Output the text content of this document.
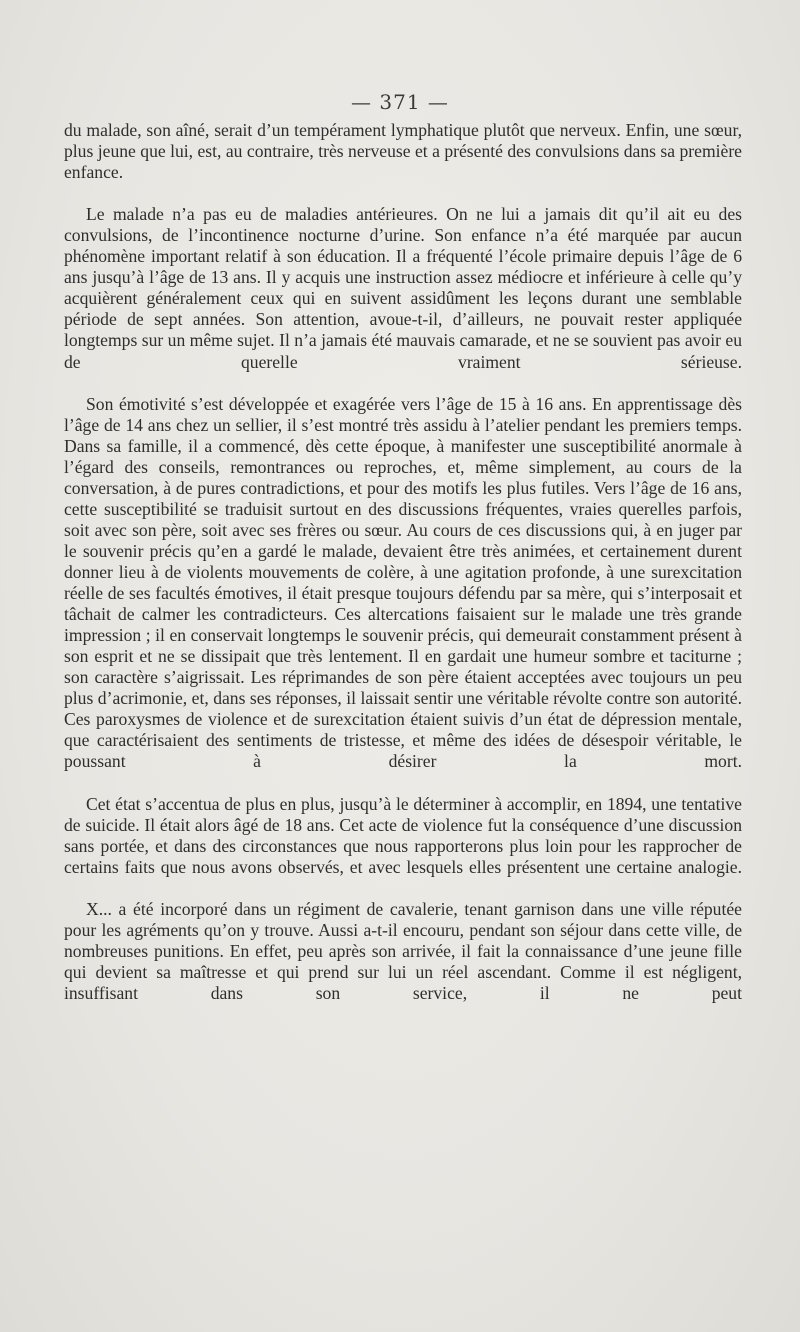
— 371 —

du malade, son aîné, serait d’un tempérament lymphatique plutôt que nerveux. Enfin, une sœur, plus jeune que lui, est, au contraire, très nerveuse et a présenté des convulsions dans sa première enfance.

Le malade n’a pas eu de maladies antérieures. On ne lui a jamais dit qu’il ait eu des convulsions, de l’incontinence nocturne d’urine. Son enfance n’a été marquée par aucun phénomène important relatif à son éducation. Il a fréquenté l’école primaire depuis l’âge de 6 ans jusqu’à l’âge de 13 ans. Il y acquis une instruction assez médiocre et inférieure à celle qu’y acquièrent généralement ceux qui en suivent assidûment les leçons durant une semblable période de sept années. Son attention, avoue-t-il, d’ailleurs, ne pouvait rester appliquée longtemps sur un même sujet. Il n’a jamais été mauvais camarade, et ne se souvient pas avoir eu de querelle vraiment sérieuse.

Son émotivité s’est développée et exagérée vers l’âge de 15 à 16 ans. En apprentissage dès l’âge de 14 ans chez un sellier, il s’est montré très assidu à l’atelier pendant les premiers temps. Dans sa famille, il a commencé, dès cette époque, à manifester une susceptibilité anormale à l’égard des conseils, remontrances ou reproches, et, même simplement, au cours de la conversation, à de pures contradictions, et pour des motifs les plus futiles. Vers l’âge de 16 ans, cette susceptibilité se traduisit surtout en des discussions fréquentes, vraies querelles parfois, soit avec son père, soit avec ses frères ou sœur. Au cours de ces discussions qui, à en juger par le souvenir précis qu’en a gardé le malade, devaient être très animées, et certainement durent donner lieu à de violents mouvements de colère, à une agitation profonde, à une surexcitation réelle de ses facultés émotives, il était presque toujours défendu par sa mère, qui s’interposait et tâchait de calmer les contradicteurs. Ces altercations faisaient sur le malade une très grande impression ; il en conservait longtemps le souvenir précis, qui demeurait constamment présent à son esprit et ne se dissipait que très lentement. Il en gardait une humeur sombre et taciturne ; son caractère s’aigrissait. Les réprimandes de son père étaient acceptées avec toujours un peu plus d’acrimonie, et, dans ses réponses, il laissait sentir une véritable révolte contre son autorité. Ces paroxysmes de violence et de surexcitation étaient suivis d’un état de dépression mentale, que caractérisaient des sentiments de tristesse, et même des idées de désespoir véritable, le poussant à désirer la mort.

Cet état s’accentua de plus en plus, jusqu’à le déterminer à accomplir, en 1894, une tentative de suicide. Il était alors âgé de 18 ans. Cet acte de violence fut la conséquence d’une discussion sans portée, et dans des circonstances que nous rapporterons plus loin pour les rapprocher de certains faits que nous avons observés, et avec lesquels elles présentent une certaine analogie.

X... a été incorporé dans un régiment de cavalerie, tenant garnison dans une ville réputée pour les agréments qu’on y trouve. Aussi a-t-il encouru, pendant son séjour dans cette ville, de nombreuses punitions. En effet, peu après son arrivée, il fait la connaissance d’une jeune fille qui devient sa maîtresse et qui prend sur lui un réel ascendant. Comme il est négligent, insuffisant dans son service, il ne peut
